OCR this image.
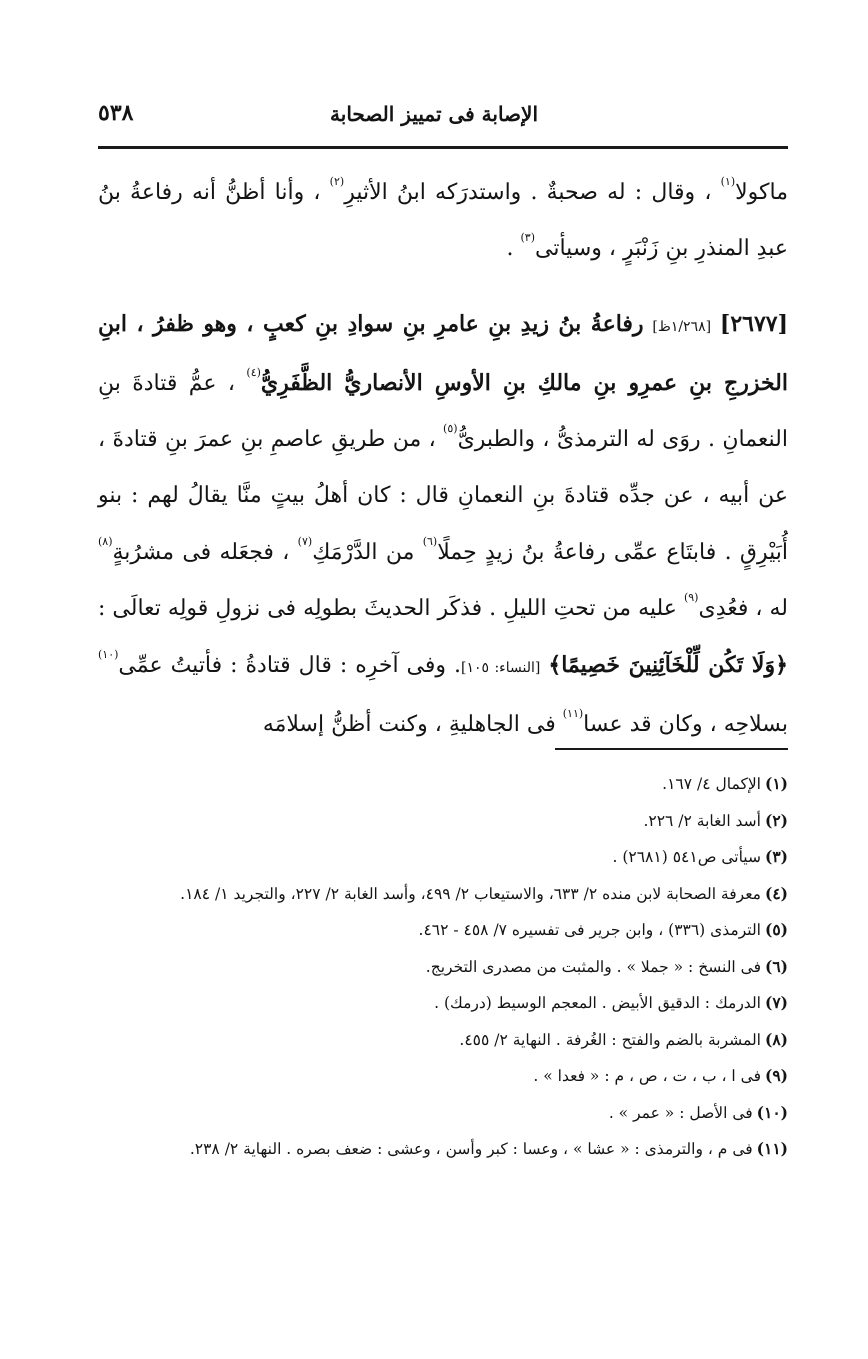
الإصابة فى تمييز الصحابة
٥٣٨

ماكولا$^{(١)}$ ، وقال : له صحبةٌ . واستدرَكه ابنُ الأثيرِ$^{(٢)}$ ، وأنا أظنُّ أنه رفاعةُ بنُ عبدِ المنذرِ بنِ زَنْبَرٍ ، وسيأتى$^{(٣)}$ .

[٢٦٧٧] [١/٢٦٨ظ] رفاعةُ بنُ زيدِ بنِ عامرِ بنِ سوادِ بنِ كعبٍ ، وهو ظفرُ ، ابنِ الخزرجِ بنِ عمرِو بنِ مالكِ بنِ الأوسِ الأنصاريُّ الظَّفَرِيُّ$^{(٤)}$ ، عمُّ قتادةَ بنِ النعمانِ . روَى له الترمذىُّ ، والطبرىُّ$^{(٥)}$ ، من طريقِ عاصمِ بنِ عمرَ بنِ قتادةَ ، عن أبيه ، عن جدِّه قتادةَ بنِ النعمانِ قال : كان أهلُ بيتٍ منَّا يقالُ لهم : بنو أُبَيْرِقٍ . فابتَاع عمِّى رفاعةُ بنُ زيدٍ حِملًا$^{(٦)}$ من الدَّرْمَكِ$^{(٧)}$ ، فجعَله فى مشرُبةٍ$^{(٨)}$ له ، فعُدِى$^{(٩)}$ عليه من تحتِ الليلِ . فذكَر الحديثَ بطولِه فى نزولِ قولِه تعالَى : ﴿وَلَا تَكُن لِّلْخَآئِنِينَ خَصِيمًا﴾ [النساء: ١٠٥]. وفى آخرِه : قال قتادةُ : فأتيتُ عمِّى$^{(١٠)}$ بسلاحِه ، وكان قد عسا$^{(١١)}$ فى الجاهليةِ ، وكنت أظنُّ إسلامَه

(١)الإكمال ٤/ ١٦٧.

(٢)أسد الغابة ٢/ ٢٢٦.

(٣)سيأتى ص٥٤١ (٢٦٨١) .

(٤)معرفة الصحابة لابن منده ٢/ ٦٣٣، والاستيعاب ٢/ ٤٩٩، وأسد الغابة ٢/ ٢٢٧، والتجريد ١/ ١٨٤.

(٥)الترمذى (٣٣٦) ، وابن جرير فى تفسيره ٧/ ٤٥٨ - ٤٦٢.

(٦)فى النسخ : « جملا » . والمثبت من مصدرى التخريج.

(٧)الدرمك : الدقيق الأبيض . المعجم الوسيط (درمك) .

(٨)المشربة بالضم والفتح : الغُرفة . النهاية ٢/ ٤٥٥.

(٩)فى ا ، ب ، ت ، ص ، م : « فعدا » .

(١٠)فى الأصل : « عمر » .

(١١)فى م ، والترمذى : « عشا » ، وعسا : كبر وأسن ، وعشى : ضعف بصره . النهاية ٢/ ٢٣٨.
